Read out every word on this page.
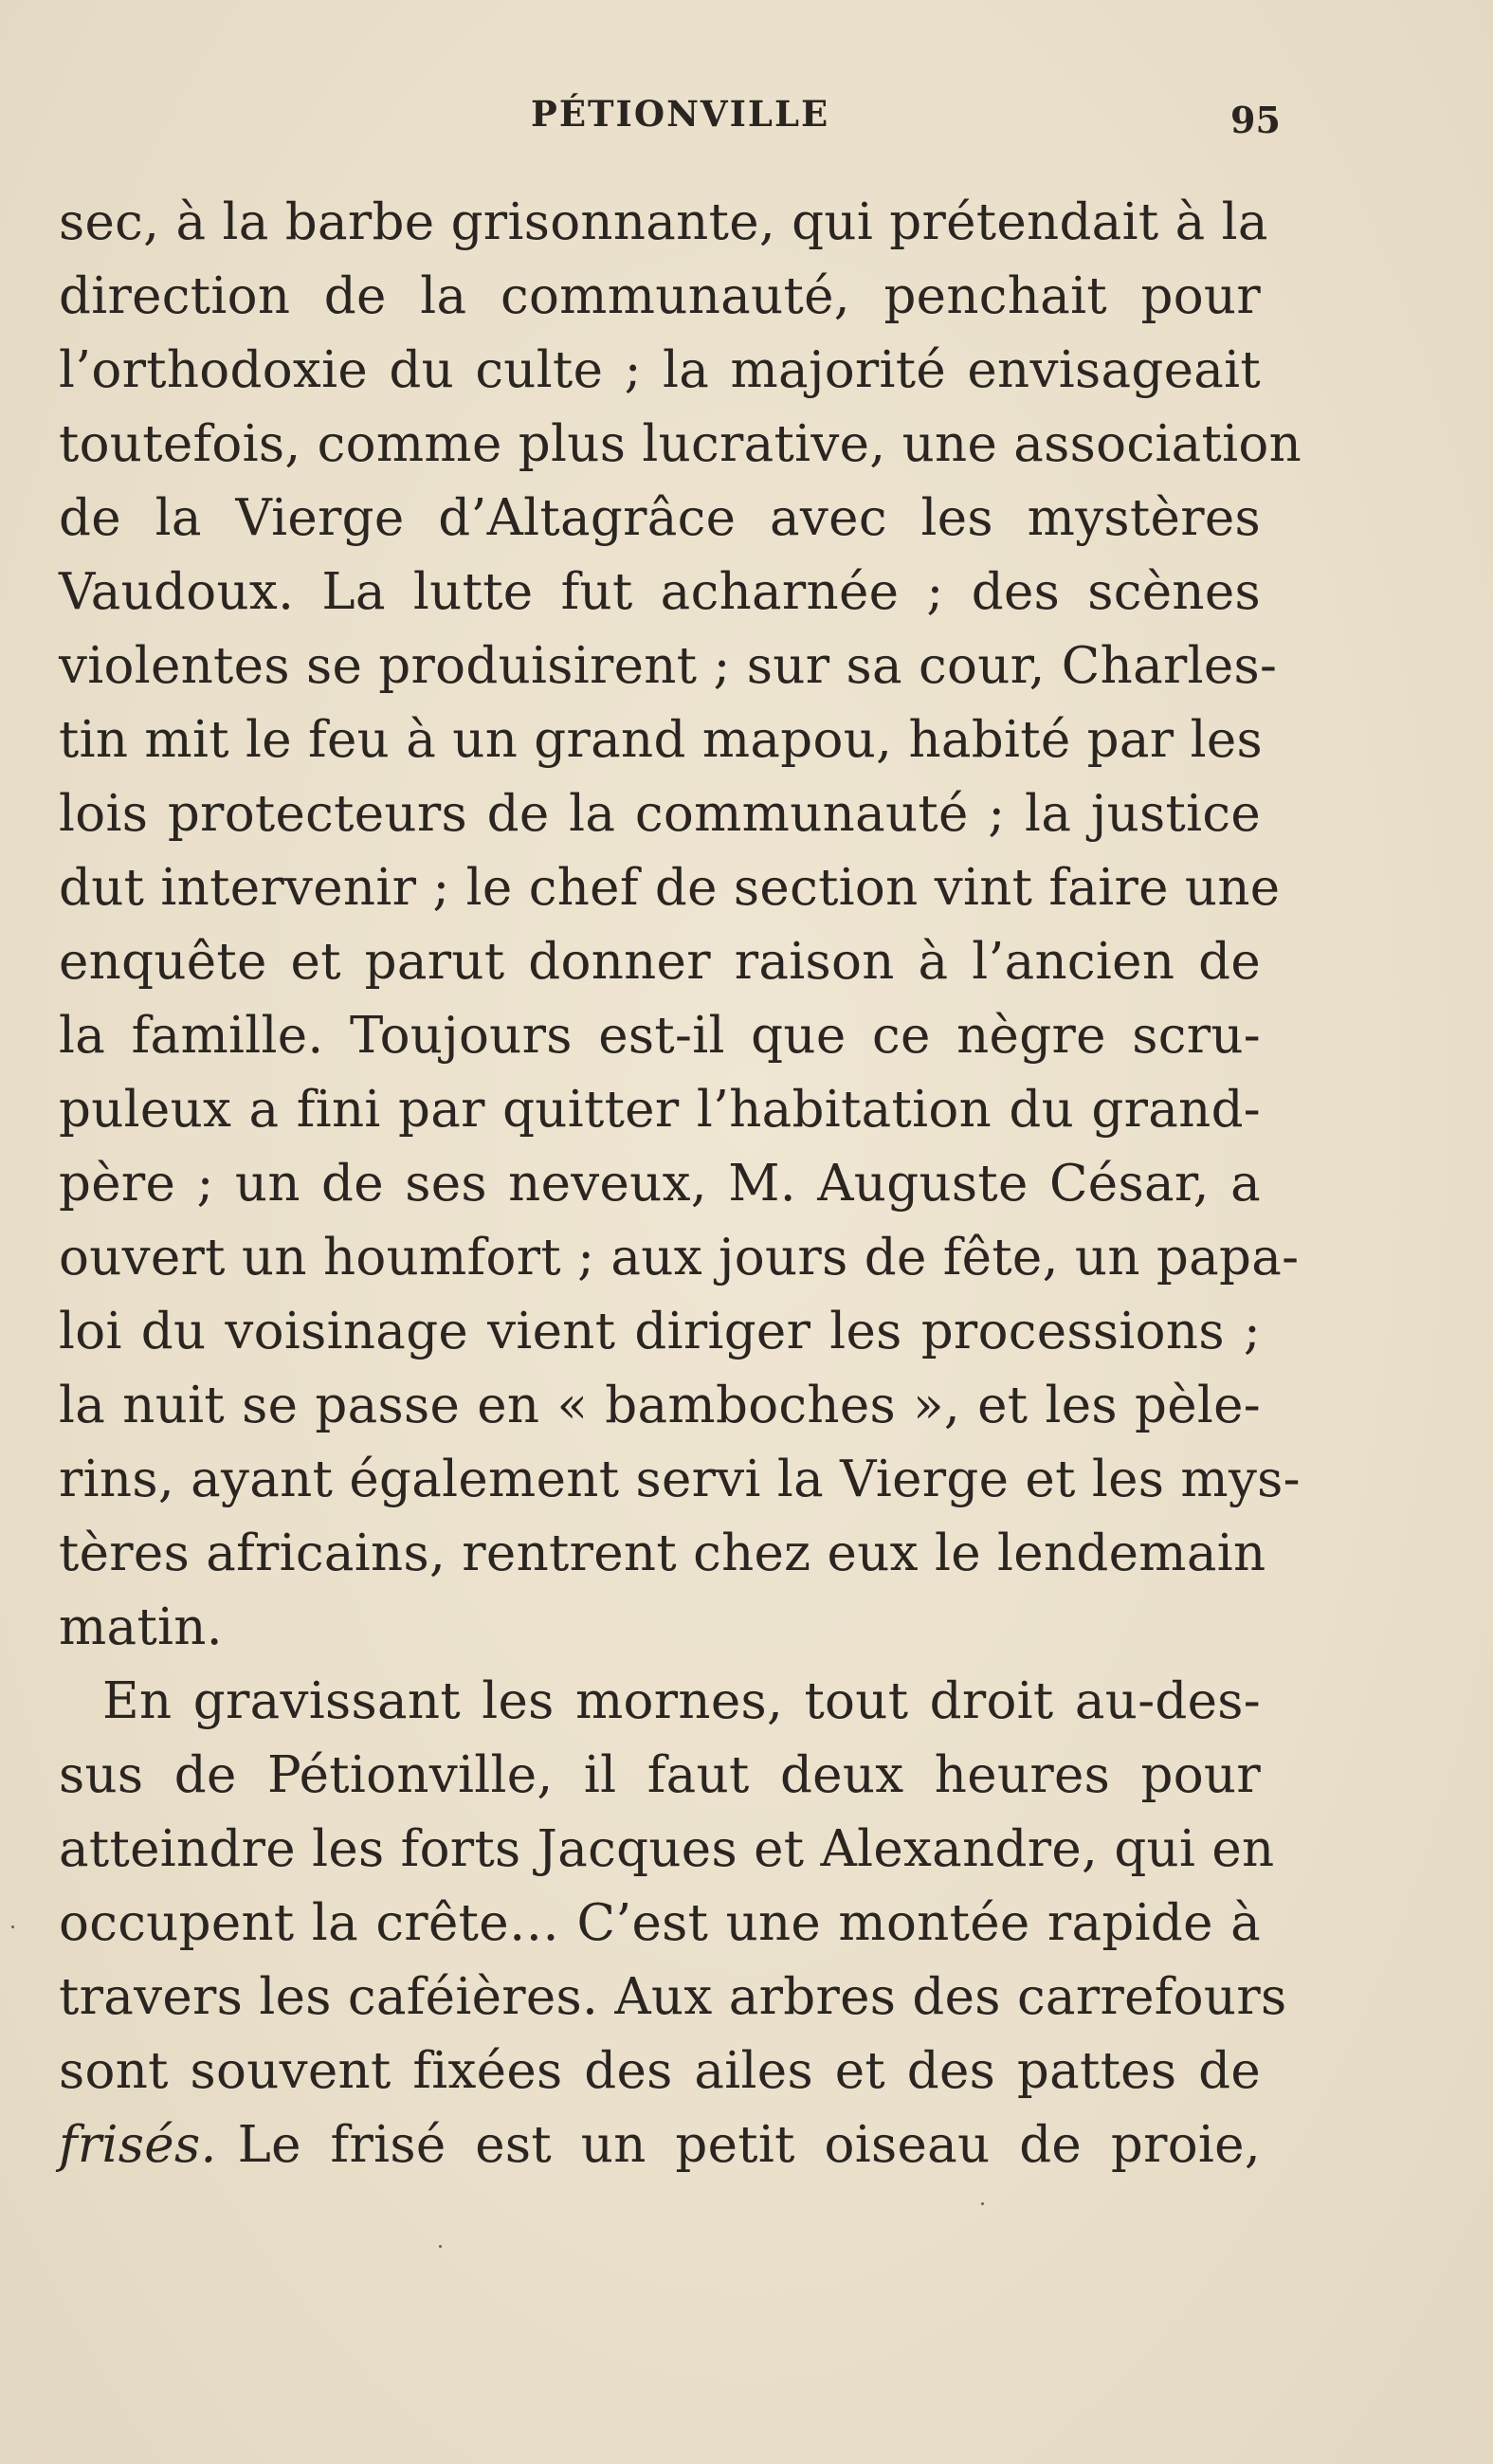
PÉTIONVILLE	95
sec, à la barbe grisonnante, qui prétendait à la
direction de la communauté, penchait pour
l’orthodoxie du culte ; la majorité envisageait
toutefois, comme plus lucrative, une association
de la Vierge d’Altagrâce avec les mystères
Vaudoux. La lutte fut acharnée ; des scènes
violentes se produisirent ; sur sa cour, Charles-
tin mit le feu à un grand mapou, habité par les
lois protecteurs de la communauté ; la justice
dut intervenir ; le chef de section vint faire une
enquête et parut donner raison à l’ancien de
la famille. Toujours est-il que ce nègre scru-
puleux a fini par quitter l’habitation du grand-
père ; un de ses neveux, M. Auguste César, a
ouvert un houmfort ; aux jours de fête, un papa-
loi du voisinage vient diriger les processions ;
la nuit se passe en « bamboches », et les pèle-
rins, ayant également servi la Vierge et les mys-
tères africains, rentrent chez eux le lendemain
matin.
En gravissant les mornes, tout droit au-des-
sus de Pétionville, il faut deux heures pour
atteindre les forts Jacques et Alexandre, qui en
occupent la crête… C’est une montée rapide à
travers les caféières. Aux arbres des carrefours
sont souvent fixées des ailes et des pattes de
frisés. Le frisé est un petit oiseau de proie,
